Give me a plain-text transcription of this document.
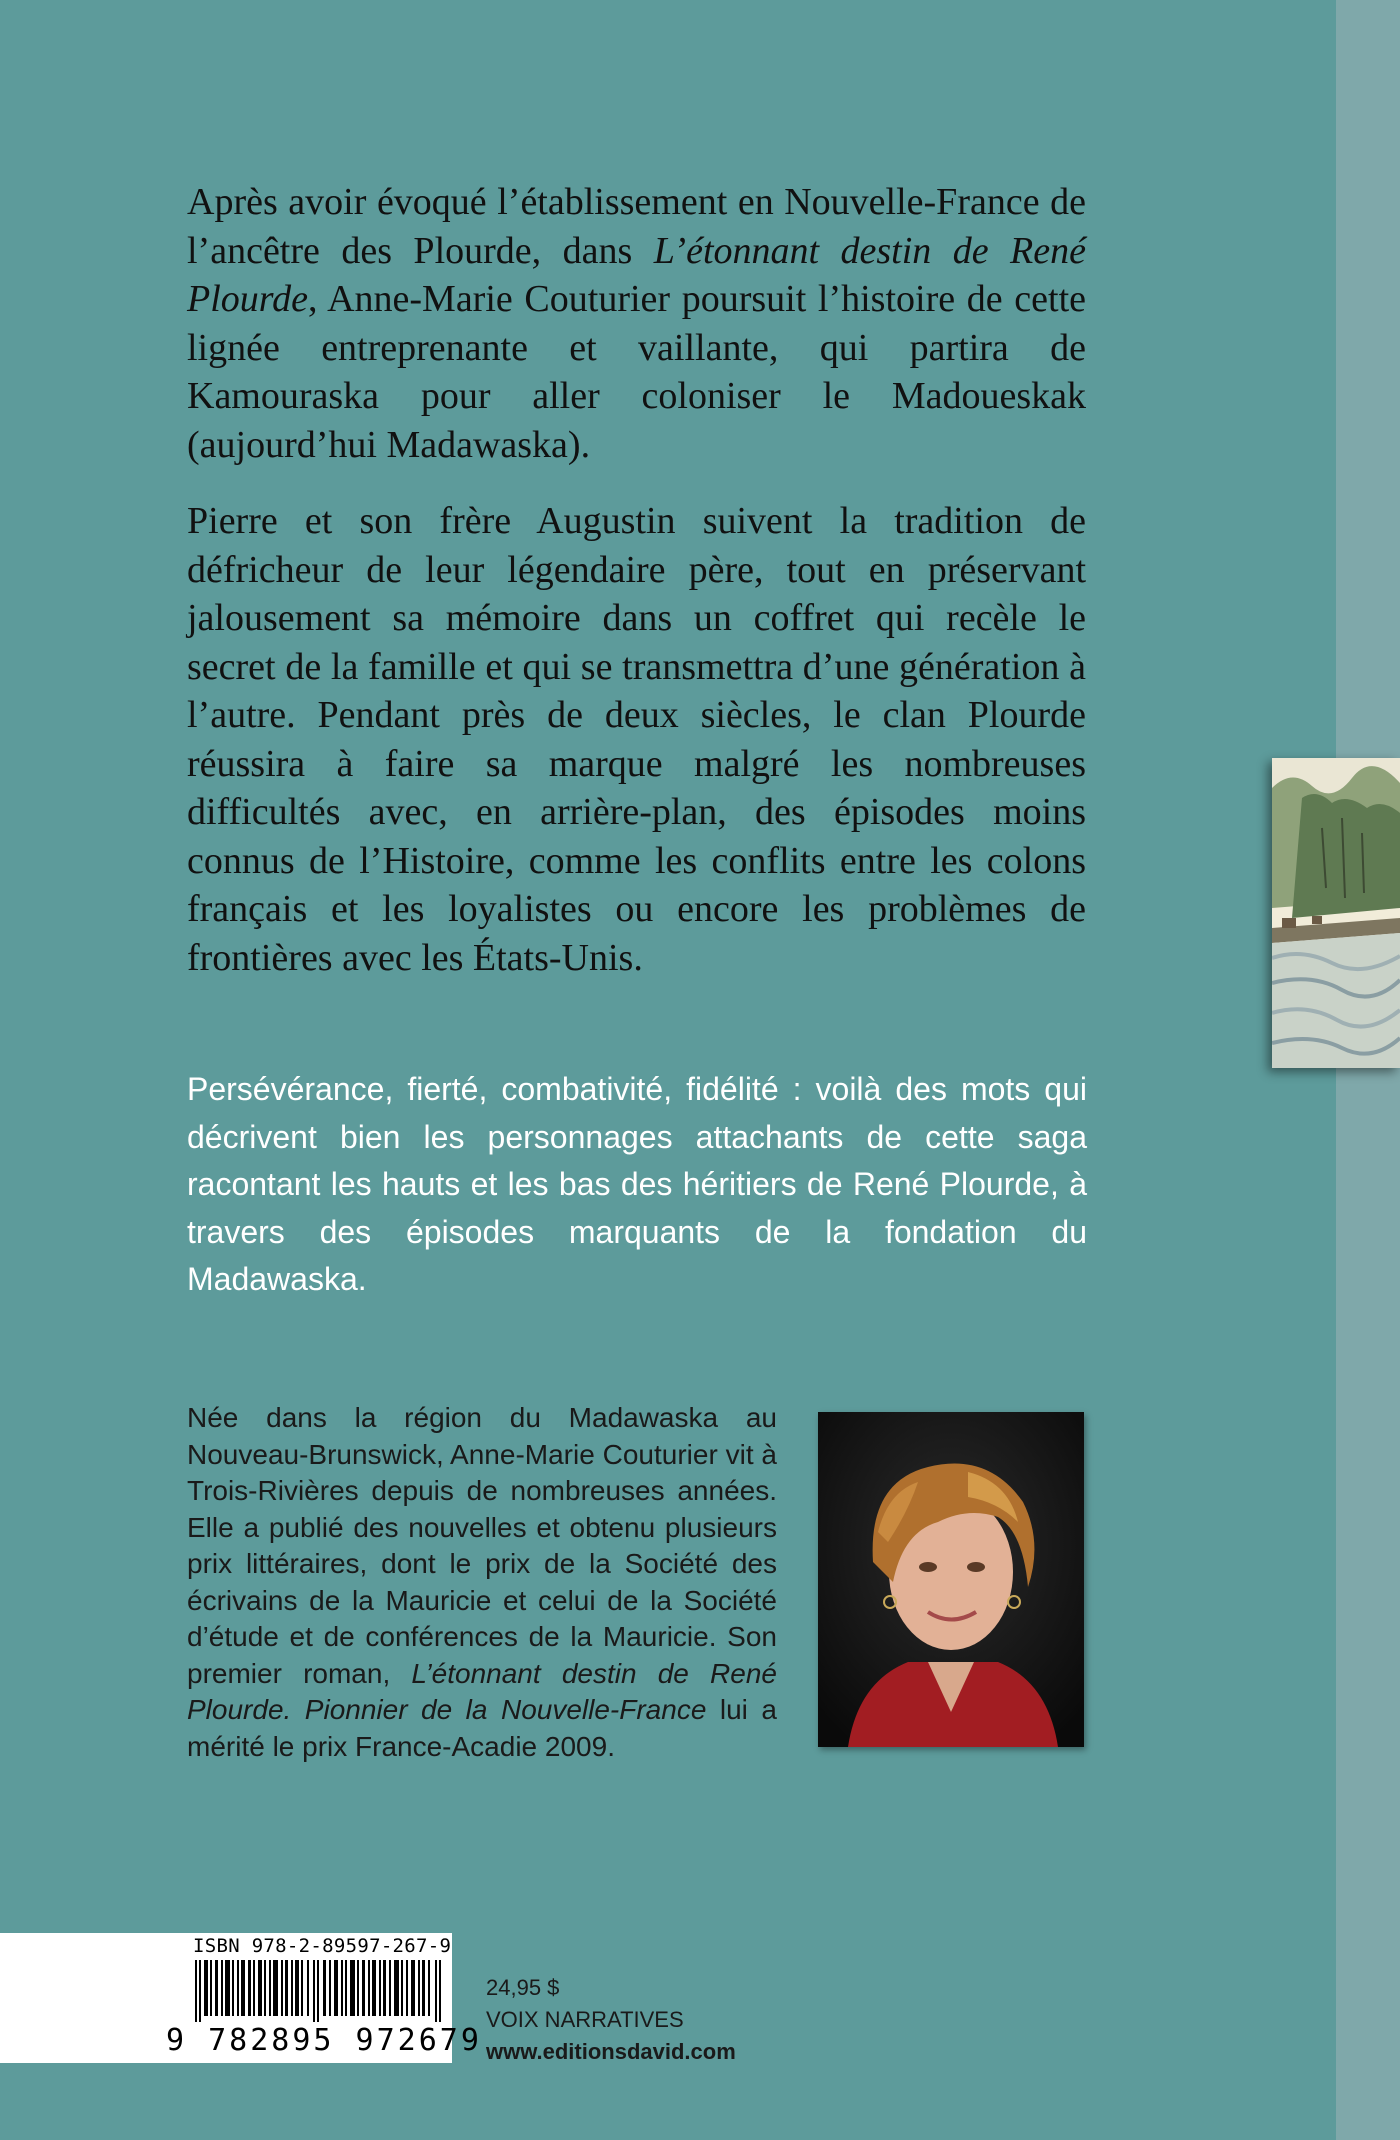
Après avoir évoqué l’établissement en Nouvelle-France de l’ancêtre des Plourde, dans L’étonnant destin de René Plourde, Anne-Marie Couturier poursuit l’histoire de cette lignée entreprenante et vaillante, qui partira de Kamouraska pour aller coloniser le Madoueskak (aujourd’hui Madawaska).

Pierre et son frère Augustin suivent la tradition de défricheur de leur légendaire père, tout en préservant jalousement sa mémoire dans un coffret qui recèle le secret de la famille et qui se transmettra d’une génération à l’autre. Pendant près de deux siècles, le clan Plourde réussira à faire sa marque malgré les nombreuses difficultés avec, en arrière-plan, des épisodes moins connus de l’Histoire, comme les conflits entre les colons français et les loyalistes ou encore les problèmes de frontières avec les États-Unis.

Persévérance, fierté, combativité, fidélité : voilà des mots qui décrivent bien les personnages attachants de cette saga racontant les hauts et les bas des héritiers de René Plourde, à travers des épisodes marquants de la fondation du Madawaska.

Née dans la région du Madawaska au Nouveau-Brunswick, Anne-Marie Couturier vit à Trois-Rivières depuis de nombreuses années. Elle a publié des nouvelles et obtenu plusieurs prix littéraires, dont le prix de la Société des écrivains de la Mauricie et celui de la Société d’étude et de conférences de la Mauricie. Son premier roman, L’étonnant destin de René Plourde. Pionnier de la Nouvelle-France lui a mérité le prix France-Acadie 2009.

ISBN 978-2-89597-267-9
9 782895 972679
24,95 $
VOIX NARRATIVES
www.editionsdavid.com
